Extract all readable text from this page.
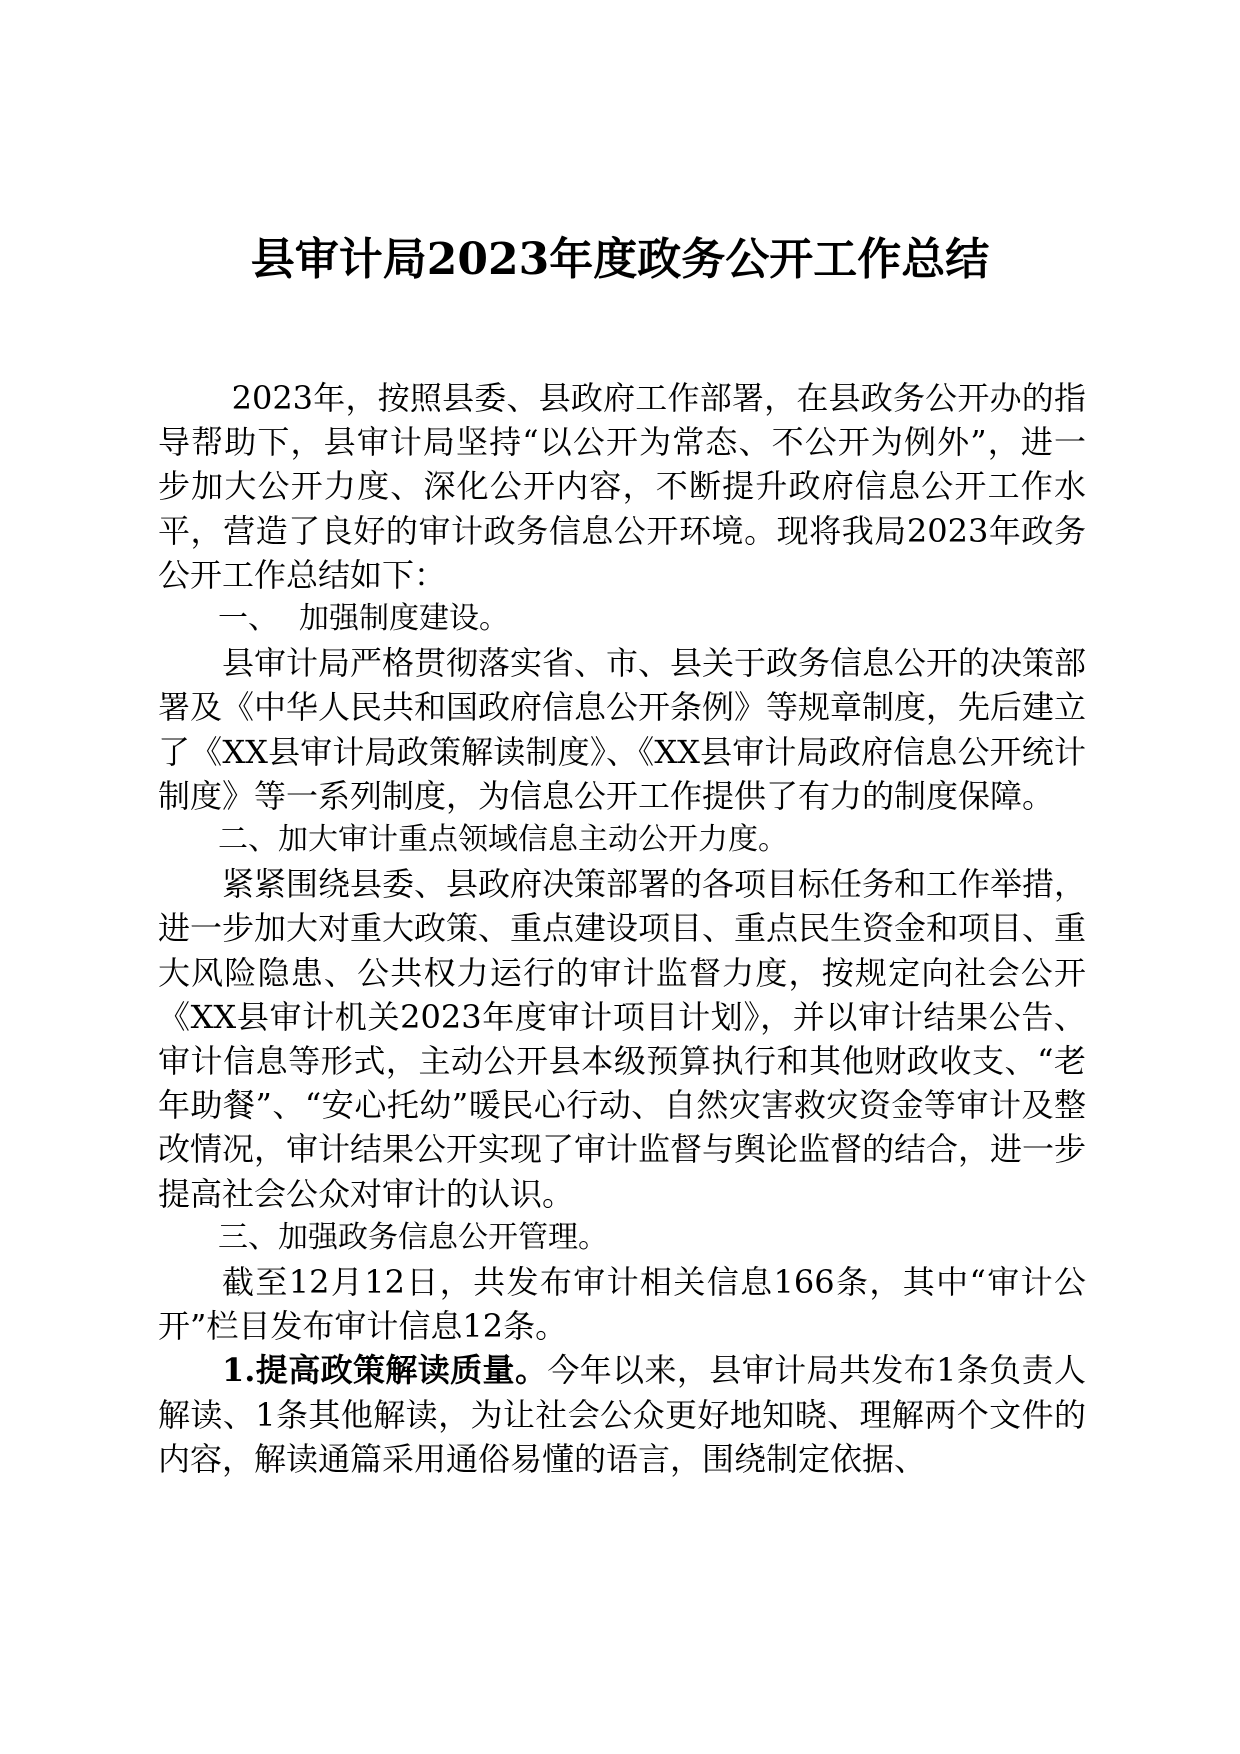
县审计局2023年度政务公开工作总结

2023年，按照县委、县政府工作部署，在县政务公开办的指导帮助下，县审计局坚持“以公开为常态、不公开为例外”，进一步加大公开力度、深化公开内容，不断提升政府信息公开工作水平，营造了良好的审计政务信息公开环境。现将我局2023年政务公开工作总结如下：

一、 加强制度建设。

县审计局严格贯彻落实省、市、县关于政务信息公开的决策部署及《中华人民共和国政府信息公开条例》等规章制度，先后建立了《XX县审计局政策解读制度》、《XX县审计局政府信息公开统计制度》等一系列制度，为信息公开工作提供了有力的制度保障。

二、加大审计重点领域信息主动公开力度。

紧紧围绕县委、县政府决策部署的各项目标任务和工作举措，进一步加大对重大政策、重点建设项目、重点民生资金和项目、重大风险隐患、公共权力运行的审计监督力度，按规定向社会公开《XX县审计机关2023年度审计项目计划》，并以审计结果公告、审计信息等形式，主动公开县本级预算执行和其他财政收支、“老年助餐”、“安心托幼”暖民心行动、自然灾害救灾资金等审计及整改情况，审计结果公开实现了审计监督与舆论监督的结合，进一步提高社会公众对审计的认识。

三、加强政务信息公开管理。

截至12月12日，共发布审计相关信息166条，其中“审计公开”栏目发布审计信息12条。

1.提高政策解读质量。今年以来，县审计局共发布1条负责人解读、1条其他解读，为让社会公众更好地知晓、理解两个文件的内容，解读通篇采用通俗易懂的语言，围绕制定依据、
